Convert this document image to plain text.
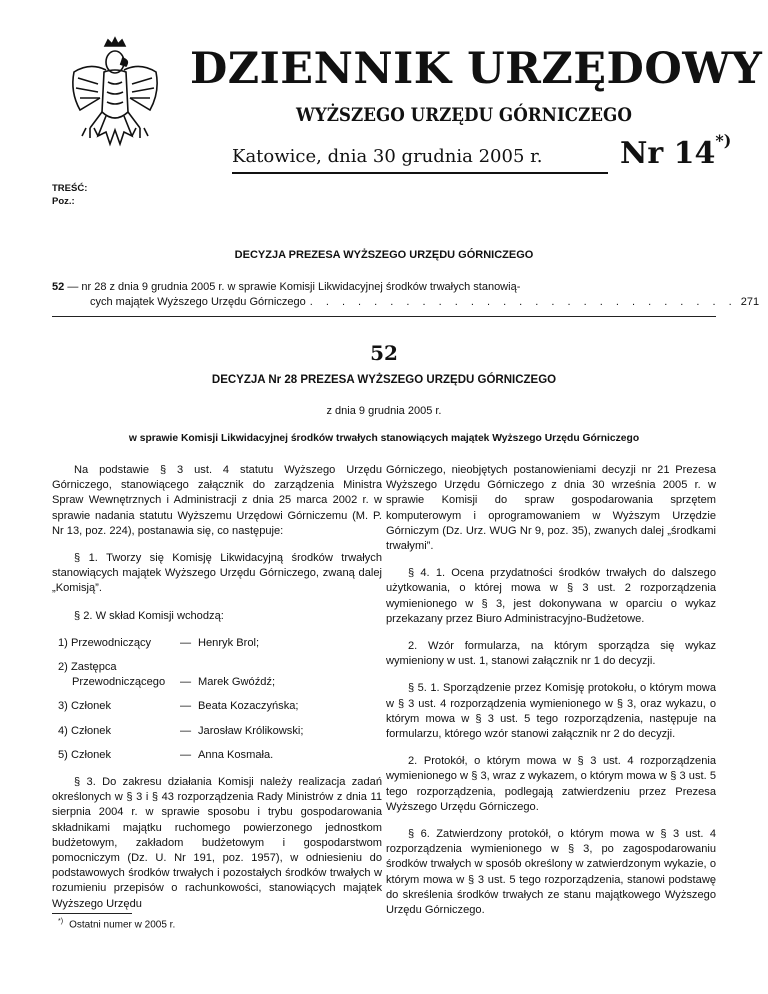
DZIENNIK URZĘDOWY
WYŻSZEGO URZĘDU GÓRNICZEGO
Katowice, dnia 30 grudnia 2005 r.	Nr 14*)
TREŚĆ:
Poz.:
DECYZJA PREZESA WYŻSZEGO URZĘDU GÓRNICZEGO
52 — nr 28 z dnia 9 grudnia 2005 r. w sprawie Komisji Likwidacyjnej środków trwałych stanowią-
cych majątek Wyższego Urzędu Górniczego . . . . . . . . . . . . . . . . . . . . . . . . . . . 271
52
DECYZJA Nr 28 PREZESA WYŻSZEGO URZĘDU GÓRNICZEGO
z dnia 9 grudnia 2005 r.
w sprawie Komisji Likwidacyjnej środków trwałych stanowiących majątek Wyższego Urzędu Górniczego

Na podstawie § 3 ust. 4 statutu Wyższego Urzędu Górniczego, stanowiącego załącznik do zarządzenia Ministra Spraw Wewnętrznych i Administracji z dnia 25 marca 2002 r. w sprawie nadania statutu Wyższemu Urzędowi Górniczemu (M. P. Nr 13, poz. 224), postanawia się, co następuje:

§ 1. Tworzy się Komisję Likwidacyjną środków trwałych stanowiących majątek Wyższego Urzędu Górniczego, zwaną dalej „Komisją”.

§ 2. W skład Komisji wchodzą:

1) Przewodniczący	— Henryk Brol;
2) Zastępca
Przewodniczącego	— Marek Gwóźdź;
3) Członek	— Beata Kozaczyńska;
4) Członek	— Jarosław Królikowski;
5) Członek	— Anna Kosmała.

§ 3. Do zakresu działania Komisji należy realizacja zadań określonych w § 3 i § 43 rozporządzenia Rady Ministrów z dnia 11 sierpnia 2004 r. w sprawie sposobu i trybu gospodarowania składnikami majątku ruchomego powierzonego jednostkom budżetowym, zakładom budżetowym i gospodarstwom pomocniczym (Dz. U. Nr 191, poz. 1957), w odniesieniu do podstawowych środków trwałych i pozostałych środków trwałych w rozumieniu przepisów o rachunkowości, stanowiących majątek Wyższego Urzędu

Górniczego, nieobjętych postanowieniami decyzji nr 21 Prezesa Wyższego Urzędu Górniczego z dnia 30 września 2005 r. w sprawie Komisji do spraw gospodarowania sprzętem komputerowym i oprogramowaniem w Wyższym Urzędzie Górniczym (Dz. Urz. WUG Nr 9, poz. 35), zwanych dalej „środkami trwałymi”.

§ 4. 1. Ocena przydatności środków trwałych do dalszego użytkowania, o której mowa w § 3 ust. 2 rozporządzenia wymienionego w § 3, jest dokonywana w oparciu o wykaz przekazany przez Biuro Administracyjno-Budżetowe.

2. Wzór formularza, na którym sporządza się wykaz wymieniony w ust. 1, stanowi załącznik nr 1 do decyzji.

§ 5. 1. Sporządzenie przez Komisję protokołu, o którym mowa w § 3 ust. 4 rozporządzenia wymienionego w § 3, oraz wykazu, o którym mowa w § 3 ust. 5 tego rozporządzenia, następuje na formularzu, którego wzór stanowi załącznik nr 2 do decyzji.

2. Protokół, o którym mowa w § 3 ust. 4 rozporządzenia wymienionego w § 3, wraz z wykazem, o którym mowa w § 3 ust. 5 tego rozporządzenia, podlegają zatwierdzeniu przez Prezesa Wyższego Urzędu Górniczego.

§ 6. Zatwierdzony protokół, o którym mowa w § 3 ust. 4 rozporządzenia wymienionego w § 3, po zagospodarowaniu środków trwałych w sposób określony w zatwierdzonym wykazie, o którym mowa w § 3 ust. 5 tego rozporządzenia, stanowi podstawę do skreślenia środków trwałych ze stanu majątkowego Wyższego Urzędu Górniczego.

*) Ostatni numer w 2005 r.
